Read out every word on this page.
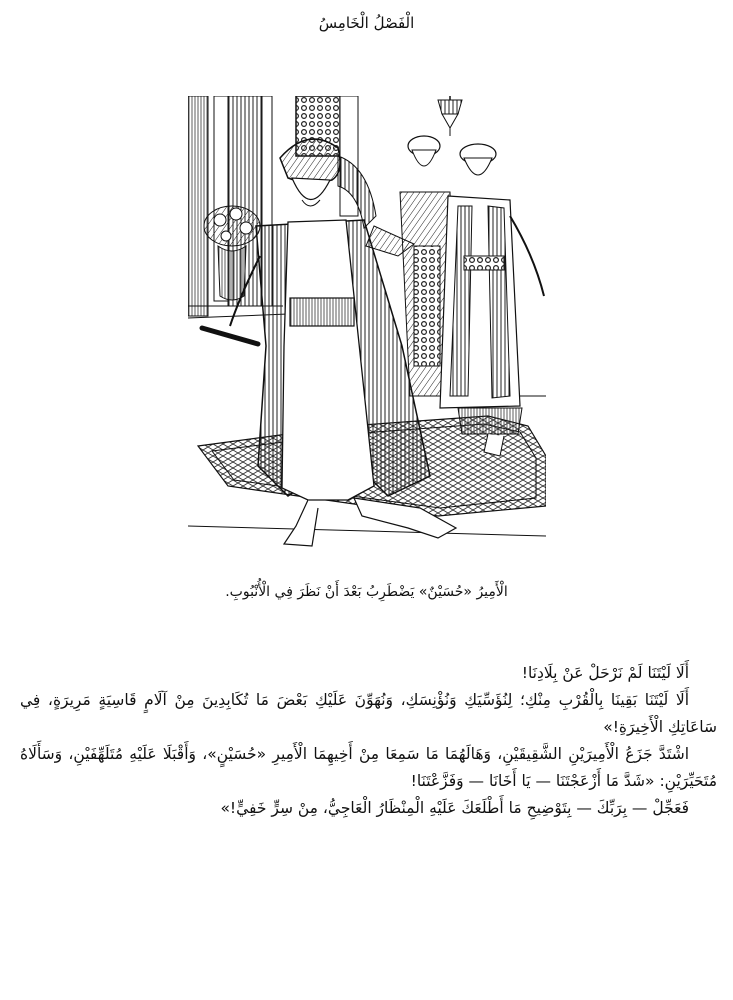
الْفَصْلُ الْخَامِسُ
الْأَمِيرُ «حُسَيْنٌ» يَضْطَرِبُ بَعْدَ أَنْ نَظَرَ فِي الْأُنْبُوبِ.

أَلَا لَيْتَنَا لَمْ نَرْحَلْ عَنْ بِلَادِنَا!

أَلَا لَيْتَنَا بَقِينَا بِالْقُرْبِ مِنْكِ؛ لِنُؤَسِّيَكِ وَنُؤْنِسَكِ، وَنُهَوِّنَ عَلَيْكِ بَعْضَ مَا تُكَابِدِينَ مِنْ آلَامٍ قَاسِيَةٍ مَرِيرَةٍ، فِي سَاعَاتِكِ الْأَخِيرَةِ!»

اشْتَدَّ جَزَعُ الْأَمِيرَيْنِ الشَّقِيقَيْنِ، وَهَالَهُمَا مَا سَمِعَا مِنْ أَخِيهِمَا الْأَمِيرِ «حُسَيْنٍ»، وَأَقْبَلَا عَلَيْهِ مُتَلَهِّفَيْنِ، وَسَأَلَاهُ مُتَحَيِّرَيْنِ: «شَدَّ مَا أَزْعَجْتَنَا — يَا أَخَانَا — وَفَزَّعْتَنَا!

فَعَجِّلْ — بِرَبِّكَ — بِتَوْضِيحِ مَا أَطْلَعَكَ عَلَيْهِ الْمِنْظَارُ الْعَاجِيُّ، مِنْ سِرٍّ خَفِيٍّ!»
